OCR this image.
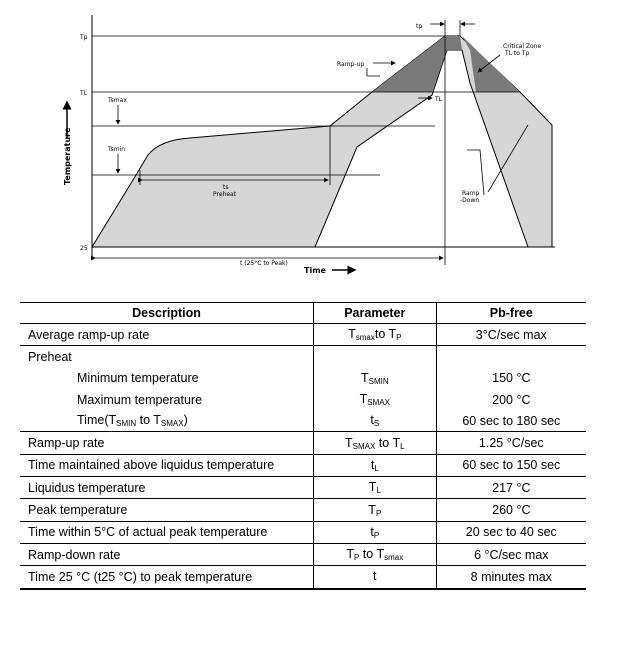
Temperature
Time
Tp
TL
Tsmax
Tsmin
25
tp
Ramp-up
TL
Critical Zone
TL to Tp
ts
Preheat	Ramp
-Down
t (25°C to Peak)
Description	Parameter	Pb-free
Average ramp-up rate	$T_{smax}to$ $T_P$	3°C/sec max
Preheat		
Minimum temperature	$T_{SMIN}$	150 °C
Maximum temperature	$T_{SMAX}$	200 °C
$Time(T_{SMIN}$ to $T_{SMAX}$)	$t_S$	60 sec to 180 sec
Ramp-up rate	$T_{SMAX}$ to $T_L$	1.25 °C/sec
Time maintained above liquidus temperature	$t_L$	60 sec to 150 sec
Liquidus temperature	$T_L$	217 °C
Peak temperature	$T_P$	260 °C
Time within 5°C of actual peak temperature	$t_P$	20 sec to 40 sec
Ramp-down rate	$T_P$ to $T_{smax}$	6 °C/sec max
Time 25 °C (t25 °C) to peak temperature	t	8 minutes max
